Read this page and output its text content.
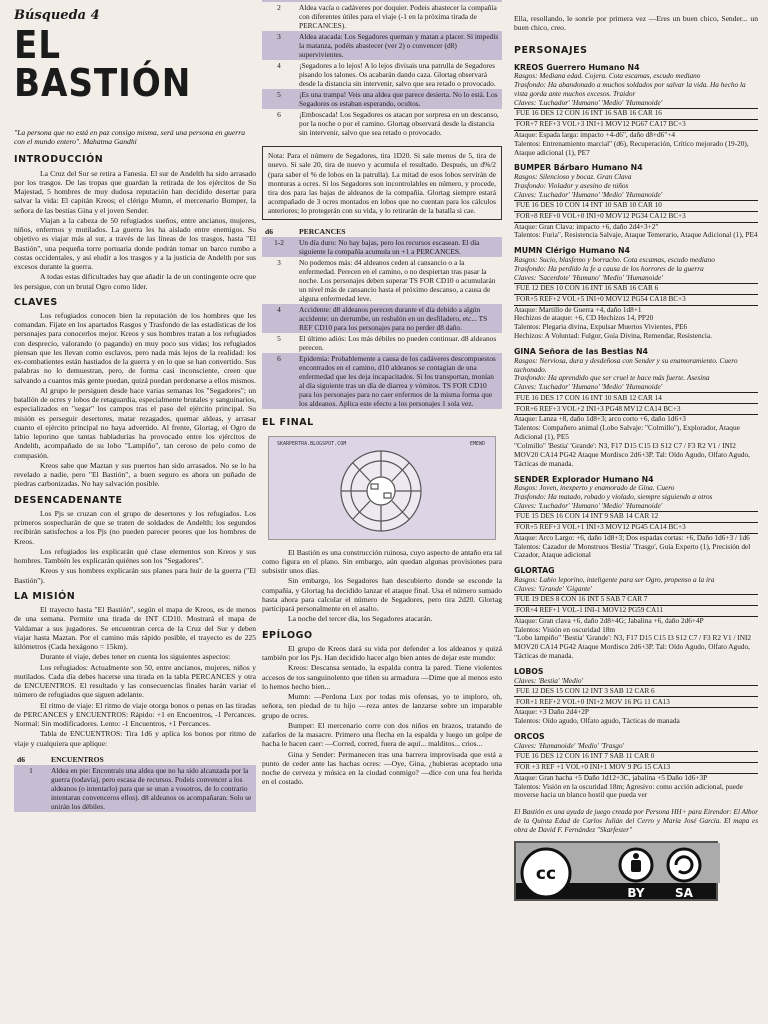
Búsqueda 4
EL BASTIÓN
"La persona que no está en paz consigo misma, será una persona en guerra con el mundo entero". Mahatma Gandhi
INTRODUCCIÓN

La Cruz del Sur se retira a Fanesia. El sur de Andelth ha sido arrasado por los trasgos. De las tropas que guardan la retirada de los ejércitos de Su Majestad, 5 hombres de muy dudosa reputación han decidido desertar para salvar la vida: El capitán Kreos; el clérigo Mumn, el mercenario Bumper, la señora de las bestias Gina y el joven Sender.

Viajan a la cabeza de 50 refugiados sueños, entre ancianos, mujeres, niños, enfermos y mutilados. La guerra les ha aislado entre enemigos. Su objetivo es viajar más al sur, a través de las líneas de los trasgos, hasta "El Bastión", una pequeña torre portuaria donde podrán tomar un barco rumbo a costas occidentales, y así eludir a los trasgos y a la justicia de Andelth por sus excesos durante la guerra.

A todas estas dificultades hay que añadir la de un contingente ocre que les persigue, con un brutal Ogro como líder.

CLAVES

Los refugiados conocen bien la reputación de los hombres que les comandan. Fíjate en los apartados Rasgos y Trasfondo de las estadísticas de los personajes para conocerlos mejor. Kreos y sus hombres tratan a los refugiados con desprecio, valorando (o pagando) en muy poco sus vidas; los refugiados piensan que les llevan como esclavos, pero nada más lejos de la realidad: los ex-combatientes están hastiados de la guerra y en lo que se han convertido. Sus palabras no lo demuestran, pero, de forma casi inconsciente, creen que salvando a cuantos más gente puedan, quizá puedan perdonarse a ellos mismos.

Al grupo le persiguen desde hace varias semanas los "Segadores"; un batallón de ocres y lobos de retaguardia, especialmente brutales y sanguinarios, especializados en "segar" los campos tras el paso del ejército principal. Su misión es perseguir desertores, matar rezagados, quemar aldeas, y arrasar cuanto el ejército principal no haya advertido. Al frente, Glortag, el Ogro de labio leporino que tantas habladurías ha provocado entre los ejércitos de Andelth, acompañado de su lobo "Lampiño", tan ceroso de pelo como de compasión.

Kreos sabe que Maztan y sus puertos han sido arrasados. No se lo ha revelado a nadie, pero "El Bastión", a buen seguro es ahora un puñado de piedras carbonizadas. No hay salvación posible.

DESENCADENANTE

Los Pjs se cruzan con el grupo de desertores y los refugiados. Los primeros sospecharán de que se traten de soldados de Andelth; los segundos recibirán satisfechos a los Pjs (no pueden parecer peores que los hombres de Kreos.

Los refugiados les explicarán qué clase elementos son Kreos y sus hombres. También les explicarán quiénes son los "Segadores".

Kreos y sus hombres explicarán sus planes para huir de la guerra ("El Bastión").

LA MISIÓN

El trayecto hasta "El Bastión", según el mapa de Kreos, es de menos de una semana. Permite una tirada de INT CD10. Mostrará el mapa de Valdamar a sus jugadores. Se encuentran cerca de la Cruz del Sur y deben viajar hasta Maztan. Por el camino más rápido posible, el trayecto es de 225 kilómetros (Cada hexágono = 15km).

Durante el viaje, debes tener en cuenta los siguientes aspectos:

Los refugiados: Actualmente son 50, entre ancianos, mujeres, niños y mutilados. Cada día debes hacerse una tirada en la tabla PERCANCES y otra de ENCUENTROS. El resultado y las consecuencias finales harán variar el número de refugiados que siguen adelante.

El ritmo de viaje: El ritmo de viaje otorga bonos o penas en las tiradas de PERCANCES y ENCUENTROS: Rápido: +1 en Encuentros, -1 Percances. Normal: Sin modificadores. Lento: -1 Encuentros, +1 Percances.

Tabla de ENCUENTROS: Tira 1d6 y aplica los bonos por ritmo de viaje y cualquiera que aplique:

d6	ENCUENTROS
1	Aldea en pie: Encontrais una aldea que no ha sido alcanzada por la guerra (todavía), pero escasa de recursos. Podeis convencer a los aldeanos (o intentarlo) para que se unan a vosotros, de lo contrario intentaran convenceros ellos). d8 aldeanos os acompañaran. Solo se unirán los débiles.

2	Aldea vacía o cadáveres por doquier. Podeis abastecer la compañía con diferentes útiles para el viaje (-1 en la próxima tirada de PERCANCES).
3	Aldea atacada: Los Segadores queman y matan a placer. Si impedís la matanza, podéis abastecer (ver 2) o convencer (d8) supervivientes.
4	¡Segadores a lo lejos! A lo lejos divisais una patrulla de Segadores pisando los talones. Os acabarán dando caza. Glortag observará desde la distancia sin intervenir, salvo que sea retado o provocado.
5	¡Es una trampa! Veis una aldea que parece desierta. No lo está. Los Segadores os estaban esperando, ocultos.
6	¡Emboscada! Los Segadores os atacan por sorpresa en un descanso, por la noche o por el camino. Glortag observará desde la distancia sin intervenir, salvo que sea retado o provocado.
Nota: Para el número de Segadores, tira 1D20. Si sale menos de 5, tira de nuevo. Si sale 20, tira de nuevo y acumula el resultado. Después, un d%/2 (para saber el % de lobos en la patrulla). La mitad de esos lobos servirán de monturas a ocres. Si los Segadores son incontrolables en número, y procede, tira dos para las bajas de aldeanos de la compañía. Glortag siempre estará acompañado de 3 ocres montados en lobos que no cuentan para los cálculos anteriores; lo protegerán con su vida, y lo retirarán de la batalla si cae.
d6	PERCANCES
1-2	Un día duro: No hay bajas, pero los recursos escasean. El día siguiente la compañía acumula un +1 a PERCANCES.
3	No podemos más: d4 aldeanos ceden al cansancio o a la enfermedad. Perecen en el camino, o no despiertan tras pasar la noche. Los personajes deben superar TS FOR CD10 o acumularán un nivel más de cansancio hasta el próximo descanso, a causa de alguna enfermedad leve.
4	Accidente: d8 aldeanos perecen durante el día debido a algún accidente: un derrumbe, un resbalón en un desfiladero, etc... TS REF CD10 para los personajes para no perder d8 daño.
5	El último adiós: Los más débiles no pueden continuar. d8 aldeanos perecen.
6	Epidemia: Probablemente a causa de los cadáveres descompuestos encontrados en el camino, d10 aldeanos se contagian de una enfermedad que les deja incapacitados. Si los transportan, monían al día siguiente tras un día de diarrea y vómitos. TS FOR CD10 para los personajes para no caer enfermos de la misma forma que los aldeanos. Aplica este efecto a los personajes 1 sola vez.
EL FINAL
SKARPERTRA.BLOGSPOT.COM	EMEWD

El Bastión es una construcción ruinosa, cuyo aspecto de antaño era tal como figura en el plano. Sin embargo, aún quedan algunas provisiones para subsistir unos días.

Sin embargo, los Segadores han descubierto donde se esconde la compañía, y Glortag ha decidido lanzar el ataque final. Usa el número sumado hasta ahora para calcular el número de Segadores, pero tira 2d20. Glortag participará personalmente en el asalto.

La noche del tercer día, los Segadores atacarán.

EPÍLOGO

El grupo de Kreos dará su vida por defender a los aldeanos y quizá también por los Pjs. Han decidido hacer algo bien antes de dejar este mundo:

Kreos: Descansa sentado, la espalda contra la pared. Tiene violentos accesos de tos sanguinolento que tiñen su armadura —Dime que al menos esto lo hemos hecho bien...

Mumn: —Perdona Lux por todas mis ofensas, yo te imploro, oh, señora, ten piedad de tu hijo —reza antes de lanzarse sobre un imparable grupo de ocres.

Bumper: El mercenario corre con dos niños en brazos, tratando de zafarlos de la masacre. Primero una flecha en la espalda y luego un golpe de hacha le hacen caer: —Corred, corred, fuera de aquí... malditos... crios...

Gina y Sender: Permanecen tras una barrera improvisada que está a punto de ceder ante las hachas ocres: —Oye, Gina, ¿hubieras aceptado una noche de cerveza y música en la ciudad conmigo? —dice con una fea herida en el costado.

Ella, resollando, le sonríe por primera vez —Eres un buen chico, Sender... un buen chico, creo.

PERSONAJES
KREOS Guerrero Humano N4
Rasgos: Mediana edad. Cojera. Cota escamas, escudo mediano
Trasfondo: Ha abandonado a muchos soldados por salvar la vida. Ha hecho la vista gorda ante muchos excesos. Traidor
Claves: 'Luchador' 'Humano' 'Medio' 'Humanoide'
FUE 16 DES 12 CON 16 INT 16 SAB 16 CAR 16
FOR+7 REF+3 VOL+3 INI+1 MOV12 PG67 CA17 BC+3
Ataque: Espada larga: impacto +4-d6", daño d8+d6"+4
Talentos: Entrenamiento marcial" (d6), Recuperación, Crítico mejorado (19-20), Ataque adicional (1), PE7
BUMPER Bárbaro Humano N4
Rasgos: Silencioso y bocaz. Gran Clava
Trasfondo: Violador y asesino de niños
Claves: 'Luchador' 'Humano' 'Medio' 'Humanoide'
FUE 16 DES 10 CON 14 INT 10 SAB 10 CAR 10
FOR+8 REF+0 VOL+0 INI+0 MOV12 PG34 CA12 BC+3
Ataque: Gran Clava: impacto +6, daño 2d4+3+2"
Talentos: Furia", Resistencia Salvaje, Ataque Temerario, Ataque Adicional (1), PE4
MUMN Clérigo Humano N4
Rasgos: Sucio, blasfemo y borracho. Cota escamas, escudo mediano
Trasfondo: Ha perdido la fe a causa de los horrores de la guerra
Claves: 'Sacerdote' 'Humano' 'Medio' 'Humanoide'
FUE 12 DES 10 CON 16 INT 16 SAB 16 CAR 6
FOR+5 REF+2 VOL+5 INI+0 MOV12 PG54 CA18 BC+3
Ataque: Martillo de Guerra +4, daño 1d8+1
Hechizos de ataque: +6, CD Hechizos 14, PP20
Talentos: Plegaria divina, Expulsar Muertos Vivientes, PE6
Hechizos: A Voluntad: Fulgor, Guía Divina, Remendar, Resistencia.
GINA Señora de las Bestias N4
Rasgos: Nerviosa, dura y desdeñosa con Sender y su enamoramiento. Cuero tachonado.
Trasfondo: Ha aprendido que ser cruel te hace más fuerte. Asesina
Claves: 'Luchador' 'Humano' 'Medio' 'Humanoide'
FUE 16 DES 17 CON 16 INT 10 SAB 12 CAR 14
FOR+6 REF+3 VOL+2 INI+3 PG48 MV12 CA14 BC+3
Ataque: Lanza +8, daño 1d8+3; arco corto +6, daño 1d6+3
Talentos: Compañero animal (Lobo Salvaje: "Colmillo"), Explorador, Ataque Adicional (1), PE5
"Colmillo" 'Bestia' 'Grande': N3, F17 D15 C15 I3 S12 C7 / F3 R2 V1 / INI2 MOV20 CA14 PG42 Ataque Mordisco 2d6+3P. Tal: Oído Agudo, Olfato Agudo, Tácticas de manada.
SENDER Explorador Humano N4
Rasgos: Joven, inexperto y enamorado de Gina. Cuero
Trasfondo: Ha matado, robado y violado, siempre siguiendo a otros
Claves: 'Luchador' 'Humano' 'Medio' 'Humanoide'
FUE 15 DES 16 CON 14 INT 9 SAB 14 CAR 12
FOR+5 REF+3 VOL+1 INI+3 MOV12 PG45 CA14 BC+3
Ataque: Arco Largo: +6, daño 1d8+3; Dos espadas cortas: +6, Daño 1d6+3 / 1d6
Talentos: Cazador de Monstruos 'Bestia' 'Trasgo', Guía Experto (1), Precisión del Cazador, Ataque adicional
GLORTAG
Rasgos: Labio leporino, inteligente para ser Ogro, propenso a la ira
Claves: 'Grande' 'Gigante'
FUE 19 DES 8 CON 16 INT 5 SAB 7 CAR 7
FOR+4 REF+1 VOL-1 INI-1 MOV12 PG59 CA11
Ataque: Gran clava +6, daño 2d8+4G; Jabalina +6, daño 2d6+4P
Talentos: Visión en oscuridad 18m
"Lobo lampiño" 'Bestia' 'Grande': N3, F17 D15 C15 I3 S12 C7 / F3 R2 V1 / INI2 MOV20 CA14 PG42 Ataque Mordisco 2d6+3P. Tal: Oído Agudo, Olfato Agudo, Tácticas de manada.
LOBOS
Claves: 'Bestia' 'Medio'
FUE 12 DES 15 CON 12 INT 3 SAB 12 CAR 6
FOR+1 REF+2 VOL+0 INI+2 MOV 16 PG 11 CA13
Ataque: +3 Daño 2d4+2P
Talentos: Oído agudo, Olfato agudo, Tácticas de manada
ORCOS
Claves: 'Humanoide' 'Medio' 'Trasgo'
FUE 16 DES 12 CON 16 INT 7 SAB 11 CAR 0
FOR +3 REF +1 VOL+0 INI+1 MOV 9 PG 15 CA13
Ataque: Gran hacha +5 Daño 1d12+3C, jabalina +5 Daño 1d6+3P
Talentos: Visión en la oscuridad 18m; Agresivo: como acción adicional, puede moverse hacia un blanco hostil que pueda ver
El Bastión es una ayuda de juego creada por Persona HH+ para Eirendor: El Albor de la Quinta Edad de Carlos Julián del Cerro y María José García. El mapa es obra de David F. Fernández "Skarfester"
cc
BY	SA
